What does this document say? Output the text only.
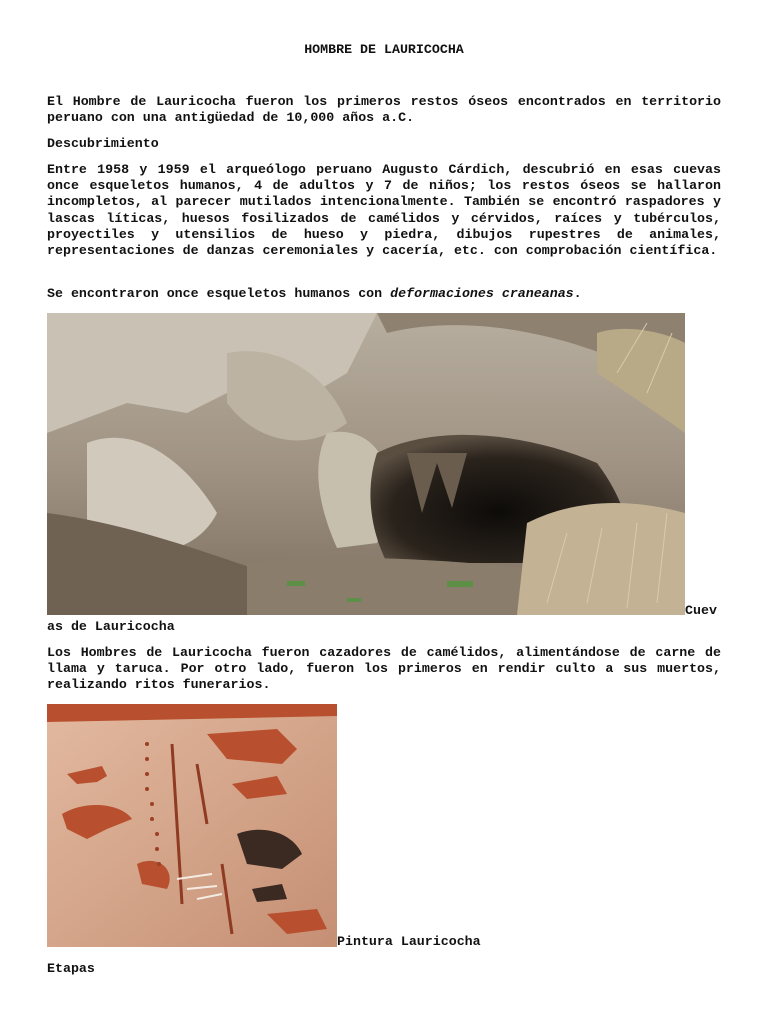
HOMBRE DE LAURICOCHA

El Hombre de Lauricocha fueron los primeros restos óseos encontrados en territorio peruano con una antigüedad de 10,000 años a.C.

Descubrimiento

Entre 1958 y 1959 el arqueólogo peruano Augusto Cárdich, descubrió en esas cuevas once esqueletos humanos, 4 de adultos y 7 de niños; los restos óseos se hallaron incompletos, al parecer mutilados intencionalmente. También se encontró raspadores y lascas líticas, huesos fosilizados de camélidos y cérvidos, raíces y tubérculos, proyectiles y utensilios de hueso y piedra, dibujos rupestres de animales, representaciones de danzas ceremoniales y cacería, etc. con comprobación científica.

Se encontraron once esqueletos humanos con deformaciones craneanas.

Cuev
as de Lauricocha

Los Hombres de Lauricocha fueron cazadores de camélidos, alimentándose de carne de llama y taruca. Por otro lado, fueron los primeros en rendir culto a sus muertos, realizando ritos funerarios.

Pintura Lauricocha

Etapas
